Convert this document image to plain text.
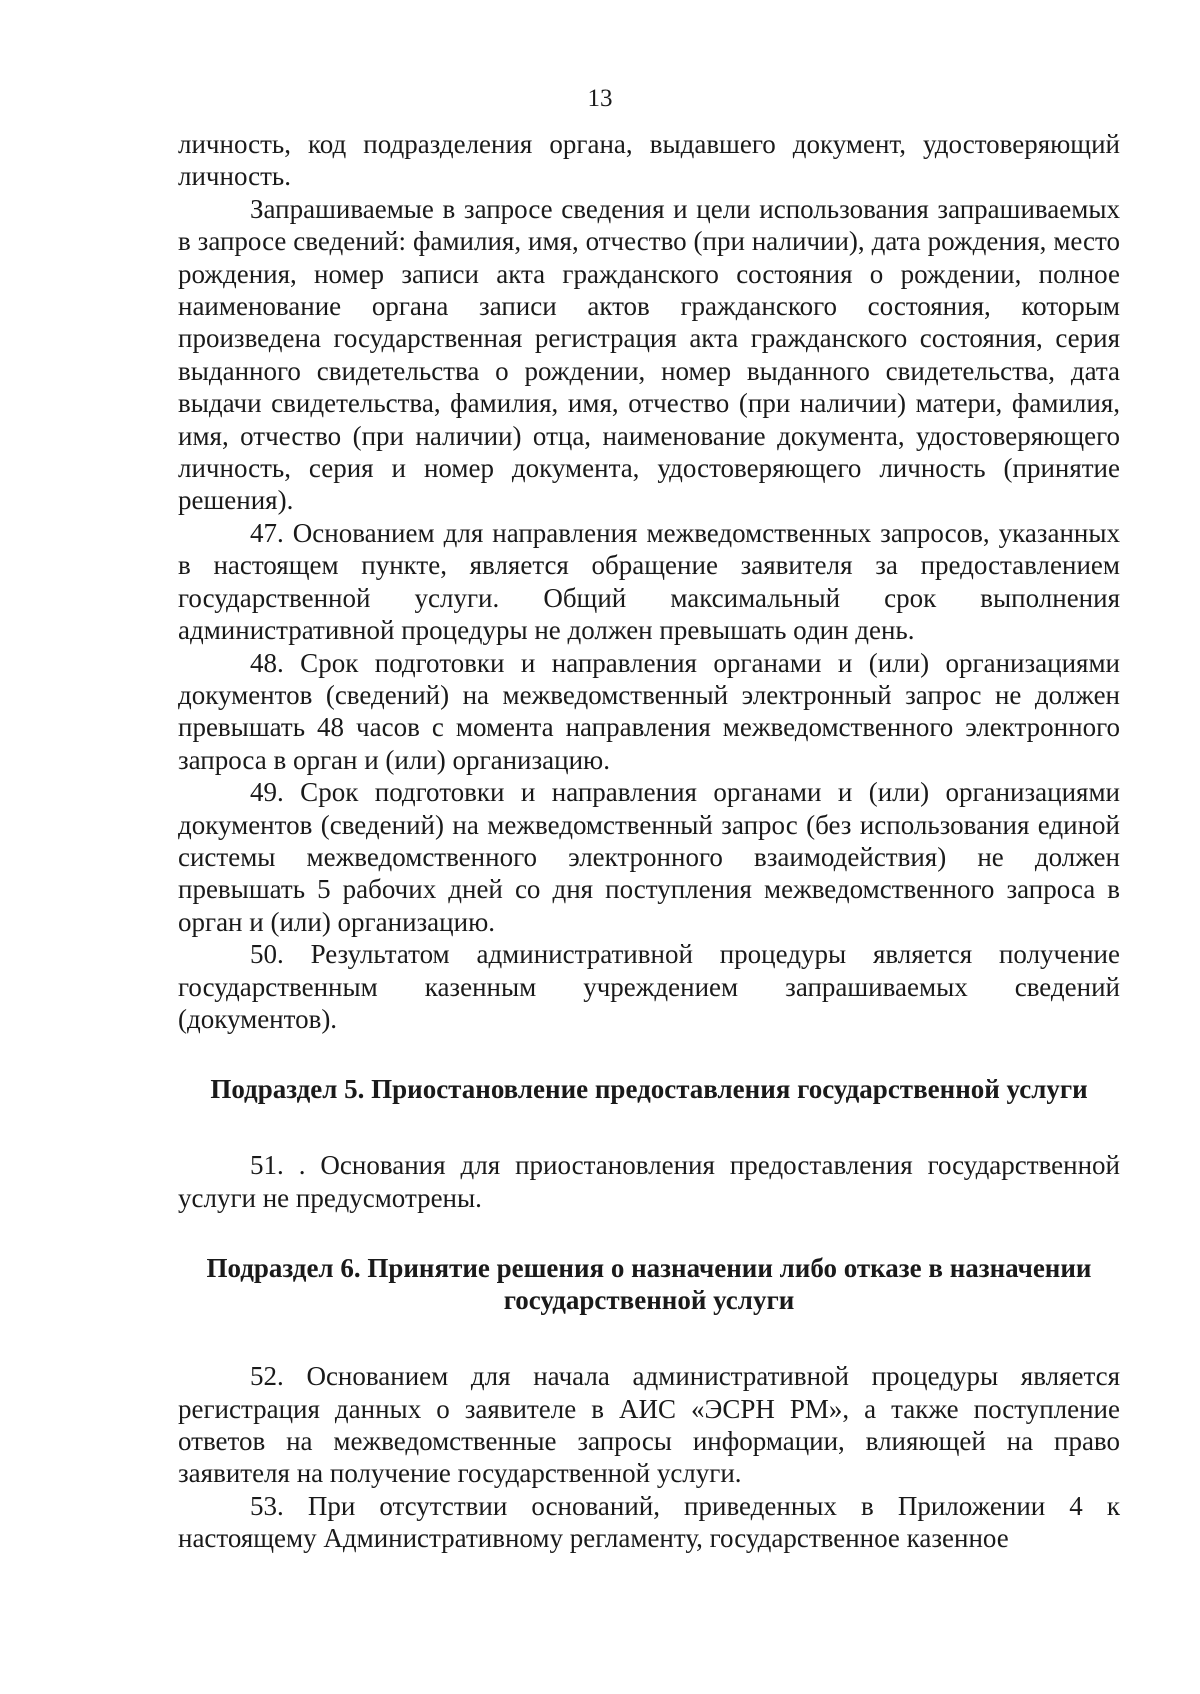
13

личность, код подразделения органа, выдавшего документ, удостоверяющий личность.

Запрашиваемые в запросе сведения и цели использования запрашиваемых в запросе сведений: фамилия, имя, отчество (при наличии), дата рождения, место рождения, номер записи акта гражданского состояния о рождении, полное наименование органа записи актов гражданского состояния, которым произведена государственная регистрация акта гражданского состояния, серия выданного свидетельства о рождении, номер выданного свидетельства, дата выдачи свидетельства, фамилия, имя, отчество (при наличии) матери, фамилия, имя, отчество (при наличии) отца, наименование документа, удостоверяющего личность, серия и номер документа, удостоверяющего личность (принятие решения).

47. Основанием для направления межведомственных запросов, указанных в настоящем пункте, является обращение заявителя за предоставлением государственной услуги. Общий максимальный срок выполнения административной процедуры не должен превышать один день.

48. Срок подготовки и направления органами и (или) организациями документов (сведений) на межведомственный электронный запрос не должен превышать 48 часов с момента направления межведомственного электронного запроса в орган и (или) организацию.

49. Срок подготовки и направления органами и (или) организациями документов (сведений) на межведомственный запрос (без использования единой системы межведомственного электронного взаимодействия) не должен превышать 5 рабочих дней со дня поступления межведомственного запроса в орган и (или) организацию.

50. Результатом административной процедуры является получение государственным казенным учреждением запрашиваемых сведений (документов).

Подраздел 5. Приостановление предоставления государственной услуги

51. . Основания для приостановления предоставления государственной услуги не предусмотрены.

Подраздел 6. Принятие решения о назначении либо отказе в назначении государственной услуги

52. Основанием для начала административной процедуры является регистрация данных о заявителе в АИС «ЭСРН РМ», а также поступление ответов на межведомственные запросы информации, влияющей на право заявителя на получение государственной услуги.

53. При отсутствии оснований, приведенных в Приложении 4 к настоящему Административному регламенту, государственное казенное
